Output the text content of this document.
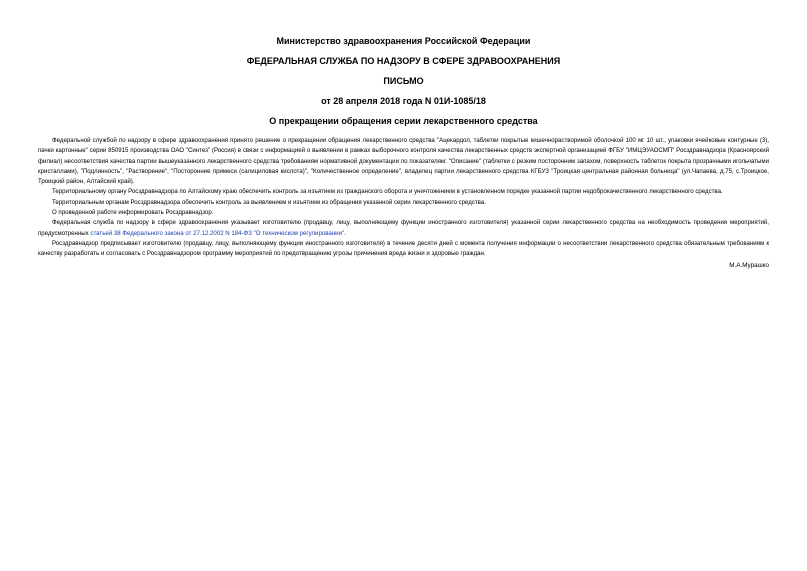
Министерство здравоохранения Российской Федерации
ФЕДЕРАЛЬНАЯ СЛУЖБА ПО НАДЗОРУ В СФЕРЕ ЗДРАВООХРАНЕНИЯ
ПИСЬМО
от 28 апреля 2018 года N 01И-1085/18
О прекращении обращения серии лекарственного средства

Федеральной службой по надзору в сфере здравоохранения принято решение о прекращении обращения лекарственного средства "Ацекардол, таблетки покрытые кишечнорастворимой оболочкой 100 мг 10 шт., упаковки ячейковые контурные (3), пачки картонные" серии 850915 производства ОАО "Синтез" (Россия) в связи с информацией о выявлении в рамках выборочного контроля качества лекарственных средств экспертной организацией ФГБУ "ИМЦЭУАОСМП" Росздравнадзора (Красноярский филиал) несоответствия качества партии вышеуказанного лекарственного средства требованиям нормативной документации по показателям: "Описание" (таблетки с резким посторонним запахом, поверхность таблеток покрыта прозрачными игольчатыми кристаллами), "Подлинность", "Растворение", "Посторонние примеси (салициловая кислота)", "Количественное определение", владелец партии лекарственного средства КГБУЗ "Троицкая центральная районная больница" (ул.Чапаева, д.75, с.Троицкое, Троицкий район, Алтайский край).

Территориальному органу Росздравнадзора по Алтайскому краю обеспечить контроль за изъятием из гражданского оборота и уничтожением в установленном порядке указанной партии недоброкачественного лекарственного средства.

Территориальным органам Росздравнадзора обеспечить контроль за выявлением и изъятием из обращения указанной серии лекарственного средства.

О проведенной работе информировать Росздравнадзор.

Федеральная служба по надзору в сфере здравоохранения указывает изготовителю (продавцу, лицу, выполняющему функции иностранного изготовителя) указанной серии лекарственного средства на необходимость проведения мероприятий, предусмотренных статьей 38 Федерального закона от 27.12.2002 N 184-ФЗ "О техническом регулировании".

Росздравнадзор предписывает изготовителю (продавцу, лицу, выполняющему функции иностранного изготовителя) в течение десяти дней с момента получения информации о несоответствии лекарственного средства обязательным требованиям к качеству разработать и согласовать с Росздравнадзором программу мероприятий по предотвращению угрозы причинения вреда жизни и здоровью граждан.

М.А.Мурашко
